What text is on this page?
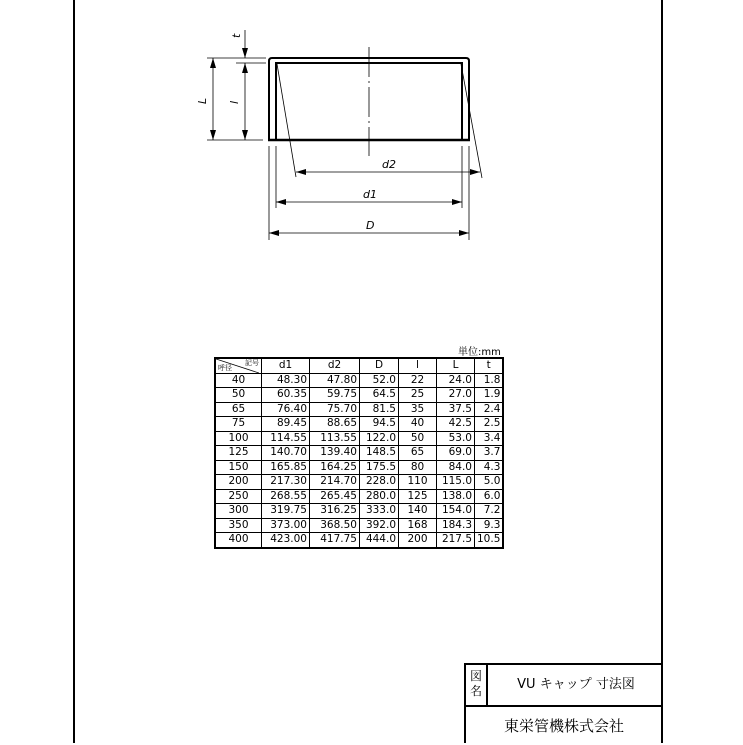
t
L l
d2
d1
D
単位:mm
記号
呼径	d1	d2	D	l	L	t
40	48.30	47.80	52.0	22	24.0	1.8
50	60.35	59.75	64.5	25	27.0	1.9
65	76.40	75.70	81.5	35	37.5	2.4
75	89.45	88.65	94.5	40	42.5	2.5
100	114.55	113.55	122.0	50	53.0	3.4
125	140.70	139.40	148.5	65	69.0	3.7
150	165.85	164.25	175.5	80	84.0	4.3
200	217.30	214.70	228.0	110	115.0	5.0
250	268.55	265.45	280.0	125	138.0	6.0
300	319.75	316.25	333.0	140	154.0	7.2
350	373.00	368.50	392.0	168	184.3	9.3
400	423.00	417.75	444.0	200	217.5	10.5
図
名	VU キャップ 寸法図
東栄管機株式会社
